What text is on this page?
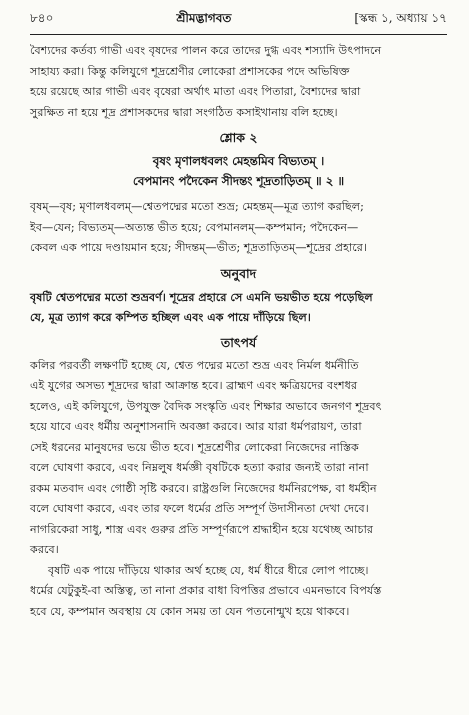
৮৪০	শ্রীমদ্ভাগবত	[স্কন্ধ ১, অধ্যায় ১৭

বৈশ্যদের কর্তব্য গাভী এবং বৃষদের পালন করে তাদের দুগ্ধ এবং শস্যাদি উৎপাদনে
সাহায্য করা। কিন্তু কলিযুগে শূদ্রশ্রেণীর লোকেরা প্রশাসকের পদে অভিষিক্ত
হয়ে রয়েছে আর গাভী এবং বৃষেরা অর্থাৎ মাতা এবং পিতারা, বৈশ্যদের দ্বারা
সুরক্ষিত না হয়ে শূদ্র প্রশাসকদের দ্বারা সংগঠিত কসাইখানায় বলি হচ্ছে।

শ্লোক ২
বৃষং মৃণালধবলং মেহন্তমিব বিভ্যতম্ ।
বেপমানং পদৈকেন সীদন্তং শূদ্রতাড়িতম্ ॥ ২ ॥

বৃষম্—বৃষ; মৃণালধবলম্—শ্বেতপদ্মের মতো শুভ্র; মেহন্তম্—মূত্র ত্যাগ করছিল;
ইব—যেন; বিভ্যতম্—অত্যন্ত ভীত হয়ে; বেপমানলম্—কম্পমান; পদৈকেন—
কেবল এক পায়ে দণ্ডায়মান হয়ে; সীদন্তম্—ভীত; শূদ্রতাড়িতম্—শূদ্রের প্রহারে।

অনুবাদ

বৃষটি শ্বেতপদ্মের মতো শুভ্রবর্ণ। শূদ্রের প্রহারে সে এমনি ভয়ভীত হয়ে পড়েছিল
যে, মূত্র ত্যাগ করে কম্পিত হচ্ছিল এবং এক পায়ে দাঁড়িয়ে ছিল।

তাৎপর্য

কলির পরবর্তী লক্ষণটি হচ্ছে যে, শ্বেত পদ্মের মতো শুভ্র এবং নির্মল ধর্মনীতি
এই যুগের অসভ্য শূদ্রদের দ্বারা আক্রান্ত হবে। ব্রাহ্মণ এবং ক্ষত্রিয়দের বংশধর
হলেও, এই কলিযুগে, উপযুক্ত বৈদিক সংস্কৃতি এবং শিক্ষার অভাবে জনগণ শূদ্রবৎ
হয়ে যাবে এবং ধর্মীয় অনুশাসনাদি অবজ্ঞা করবে। আর যারা ধর্মপরায়ণ, তারা
সেই ধরনের মানুষদের ভয়ে ভীত হবে। শূদ্রশ্রেণীর লোকেরা নিজেদের নাস্তিক
বলে ঘোষণা করবে, এবং নিম্নলুষ ধর্মজ্ঞী বৃষটিকে হত্যা করার জন্যই তারা নানা
রকম মতবাদ এবং গোষ্ঠী সৃষ্টি করবে। রাষ্ট্রগুলি নিজেদের ধর্মনিরপেক্ষ, বা ধর্মহীন
বলে ঘোষণা করবে, এবং তার ফলে ধর্মের প্রতি সম্পূর্ণ উদাসীনতা দেখা দেবে।
নাগরিকেরা সাধু, শাস্ত্র এবং গুরুর প্রতি সম্পূর্ণরূপে শ্রদ্ধাহীন হয়ে যথেচ্ছ আচার
করবে।

বৃষটি এক পায়ে দাঁড়িয়ে থাকার অর্থ হচ্ছে যে, ধর্ম ধীরে ধীরে লোপ পাচ্ছে।
ধর্মের যেটুকুই-বা অস্তিত্ব, তা নানা প্রকার বাধা বিপত্তির প্রভাবে এমনভাবে বিপর্যস্ত
হবে যে, কম্পমান অবস্থায় যে কোন সময় তা যেন পতনোন্মুখ হয়ে থাকবে।
